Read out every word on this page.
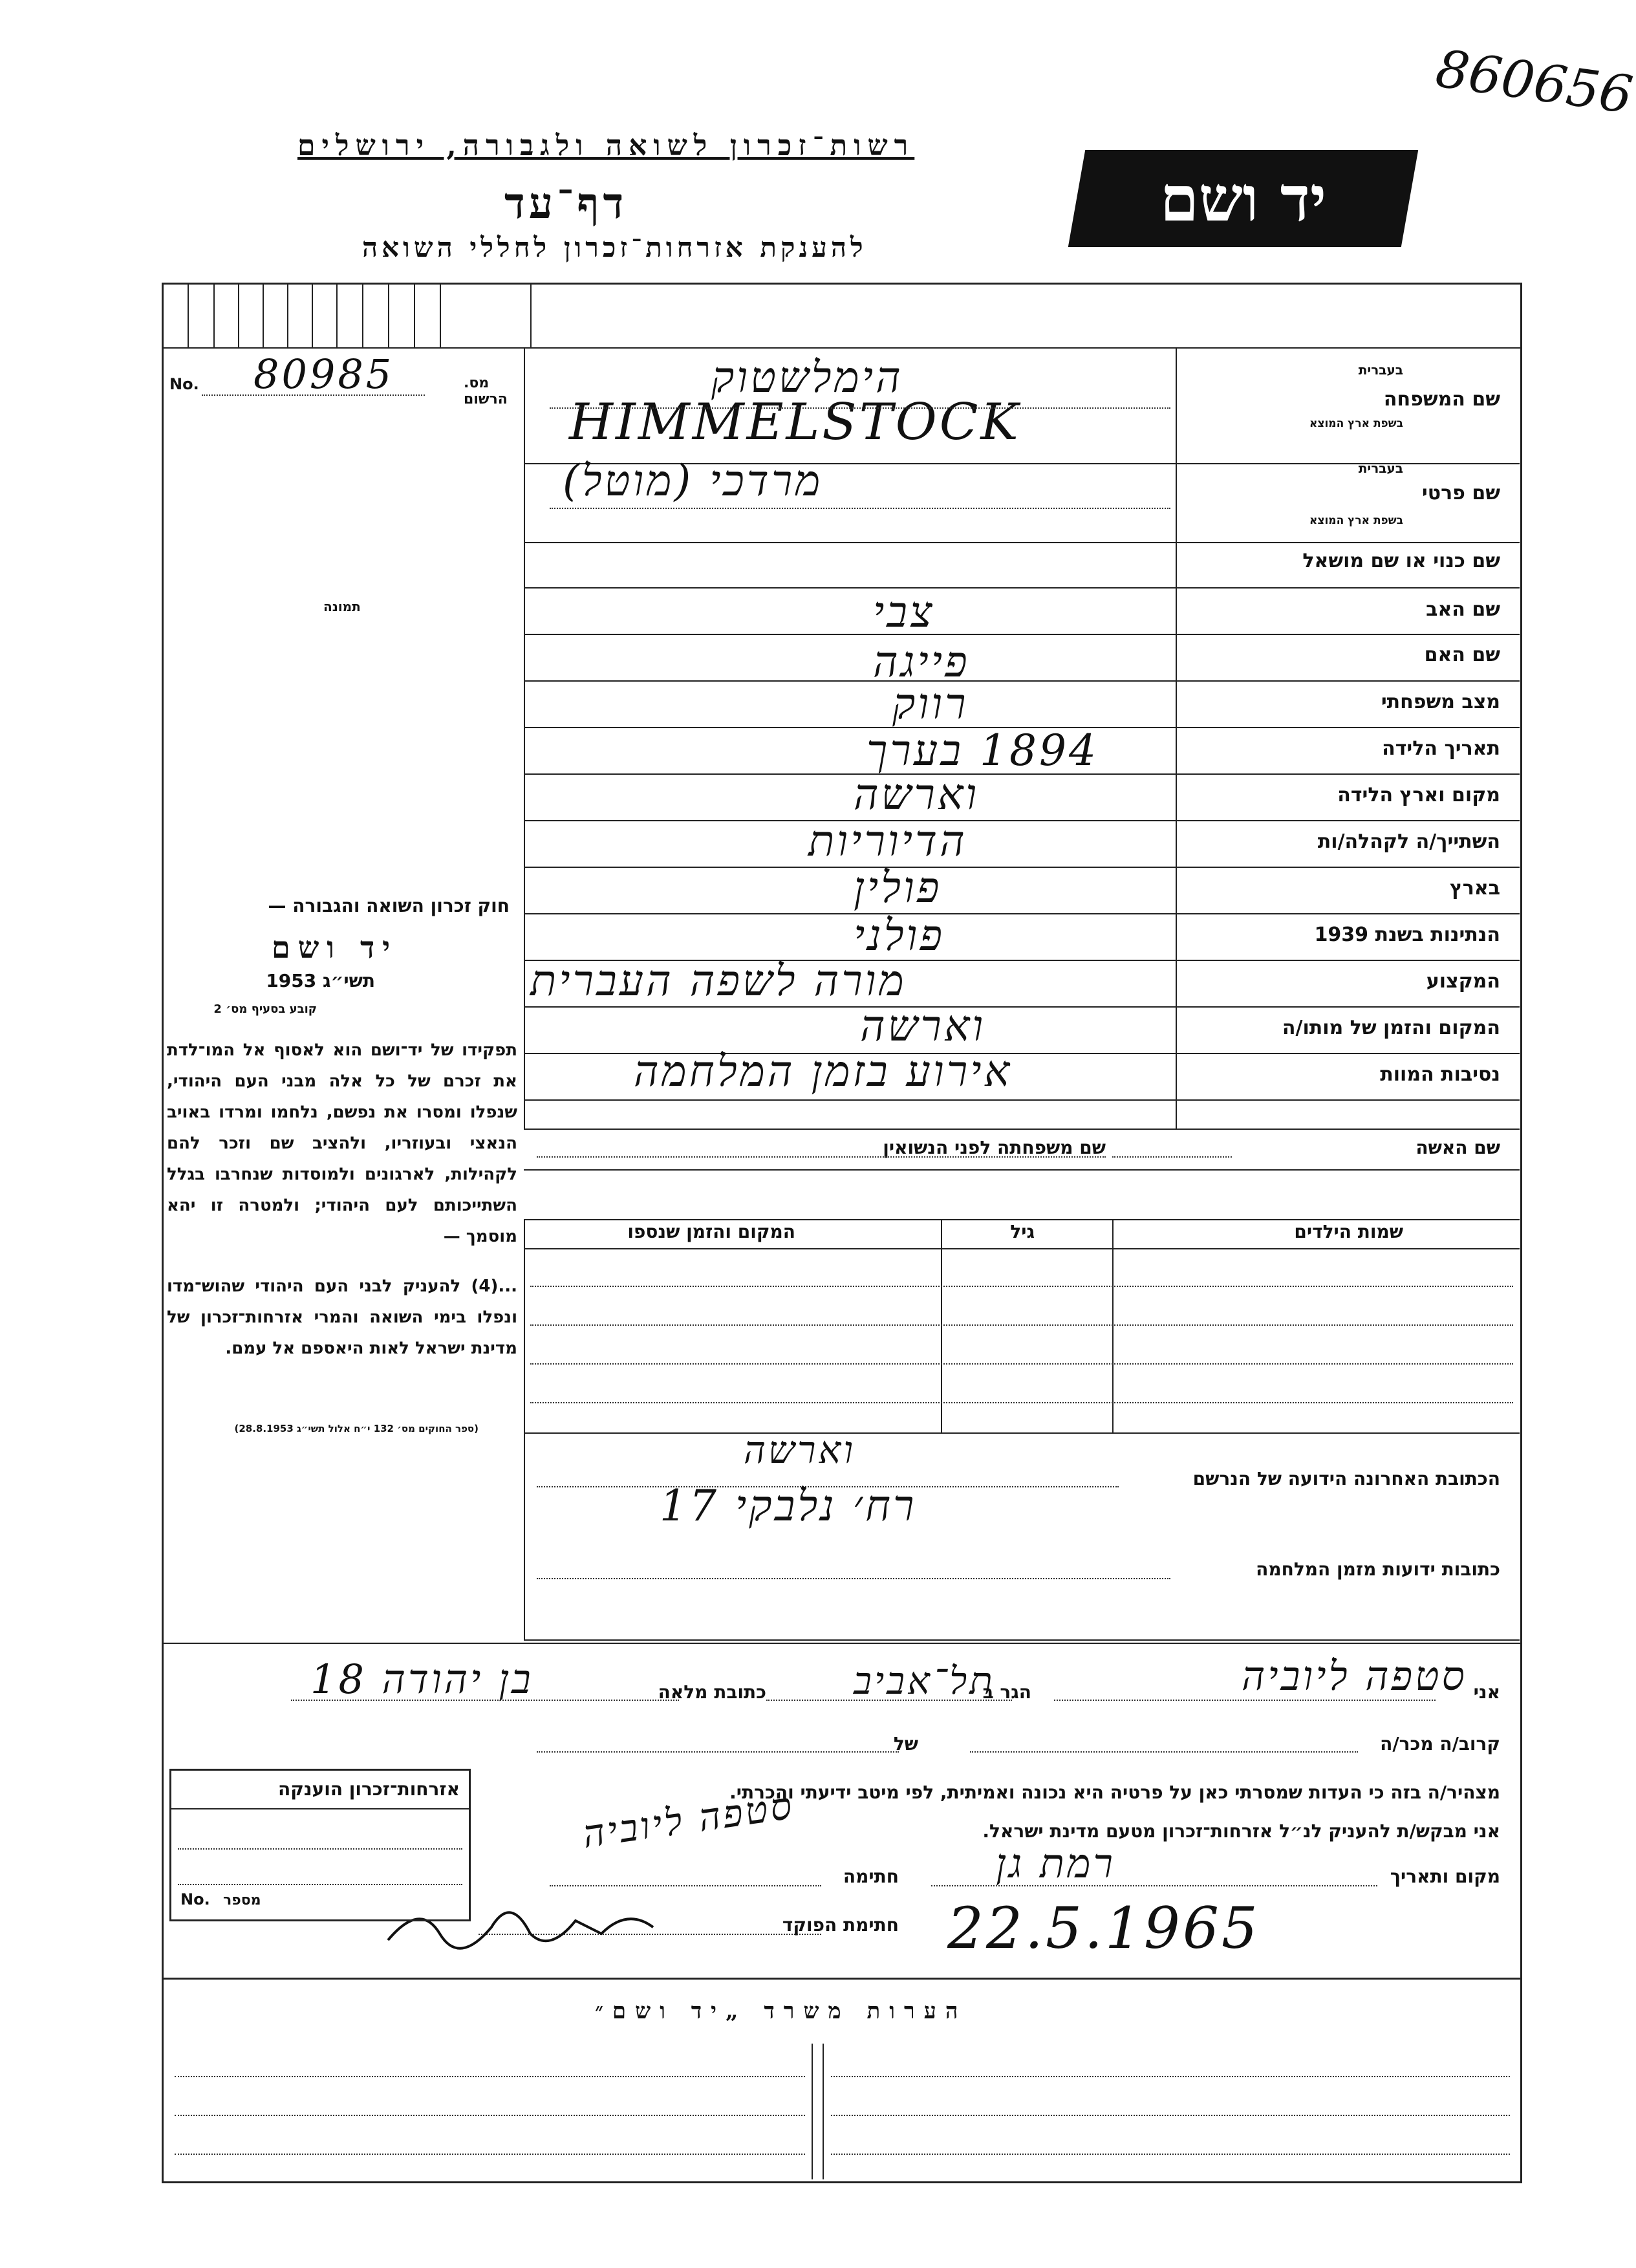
860656
רשות־זכרון לשואה ולגבורה, ירושלים
דף־עד
להענקת אזרחות־זכרון לחללי השואה
יד ושם
No. 80985	מס. הרשום
תמונה
שם המשפחה
בעברית
בשפת ארץ המוצא
הימלשטוק
HIMMELSTOCK
שם פרטי
בעברית
בשפת ארץ המוצא
מרדכי (מוטל)
שם כנוי או שם מושאל
שם האב
צבי
שם האם
פייגה
מצב משפחתי
רווק
תאריך הלידה
1894 בערך
מקום וארץ הלידה
וארשה
השתייך/ה לקהלה/ות
הדיוריות
בארץ
פולין
הנתינות בשנת 1939
פולני
המקצוע
מורה לשפה העברית
המקום והזמן של מותו/ה
וארשה
נסיבות המוות
אירוע בזמן המלחמה
חוק זכרון השואה והגבורה —
יד ושם
תשי״ג 1953
קובע בסעיף מס׳ 2
תפקידו של יד־ושם הוא לאסוף אל המו־לדת את זכרם של כל אלה מבני העם היהודי, שנפלו ומסרו את נפשם, נלחמו ומרדו באויב הנאצי ובעוזריו, ולהציב שם וזכר להם לקהילות, לארגונים ולמוסדות שנחרבו בגלל השתייכותם לעם היהודי; ולמטרה זו יהא מוסמך —
...(4) להעניק לבני העם היהודי שהוש־מדו ונפלו בימי השואה והמרי אזרחות־זכרון של מדינת ישראל לאות היאספם אל עמם.
(ספר החוקים מס׳ 132 י״ח אלול תשי״ג 28.8.1953)
שם האשה
שם משפחתה לפני הנשואין
שמות הילדים
גיל
המקום והזמן שנספו
הכתובת האחרונה הידועה של הנרשם
וארשה
רח׳ נלבקי 17
כתובות ידועות מזמן המלחמה
אני
סטפה ליוביה
הגר ב
תל־אביב
כתובת מלאה
בן יהודה 18
קרוב/ה מכר/ה
של
מצהיר/ה בזה כי העדות שמסרתי כאן על פרטיה היא נכונה ואמיתית, לפי מיטב ידיעתי והכרתי.
אני מבקש/ת להעניק לנ״ל אזרחות־זכרון מטעם מדינת ישראל.
מקום ותאריך
רמת גן
חתימה
סטפה ליוביה
22.5.1965
חתימת הפוקד
אזרחות־זכרון הוענקה
No. מספר
הערות משרד „יד ושם״
